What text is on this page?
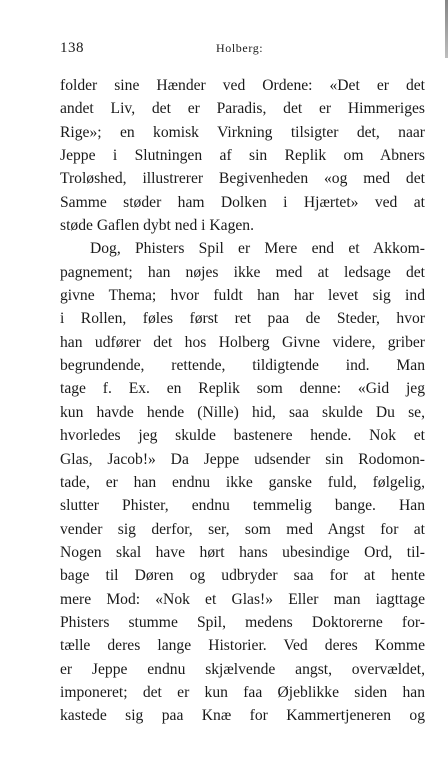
138	Holberg:
folder sine Hænder ved Ordene: «Det er det
andet Liv, det er Paradis, det er Himmeriges
Rige»; en komisk Virkning tilsigter det, naar
Jeppe i Slutningen af sin Replik om Abners
Troløshed, illustrerer Begivenheden «og med det
Samme støder ham Dolken i Hjærtet» ved at
støde Gaflen dybt ned i Kagen.
Dog, Phisters Spil er Mere end et Akkom-
pagnement; han nøjes ikke med at ledsage det
givne Thema; hvor fuldt han har levet sig ind
i Rollen, føles først ret paa de Steder, hvor
han udfører det hos Holberg Givne videre, griber
begrundende, rettende, tildigtende ind. Man
tage f. Ex. en Replik som denne: «Gid jeg
kun havde hende (Nille) hid, saa skulde Du se,
hvorledes jeg skulde bastenere hende. Nok et
Glas, Jacob!» Da Jeppe udsender sin Rodomon-
tade, er han endnu ikke ganske fuld, følgelig,
slutter Phister, endnu temmelig bange. Han
vender sig derfor, ser, som med Angst for at
Nogen skal have hørt hans ubesindige Ord, til-
bage til Døren og udbryder saa for at hente
mere Mod: «Nok et Glas!» Eller man iagttage
Phisters stumme Spil, medens Doktorerne for-
tælle deres lange Historier. Ved deres Komme
er Jeppe endnu skjælvende angst, overvældet,
imponeret; det er kun faa Øjeblikke siden han
kastede sig paa Knæ for Kammertjeneren og
